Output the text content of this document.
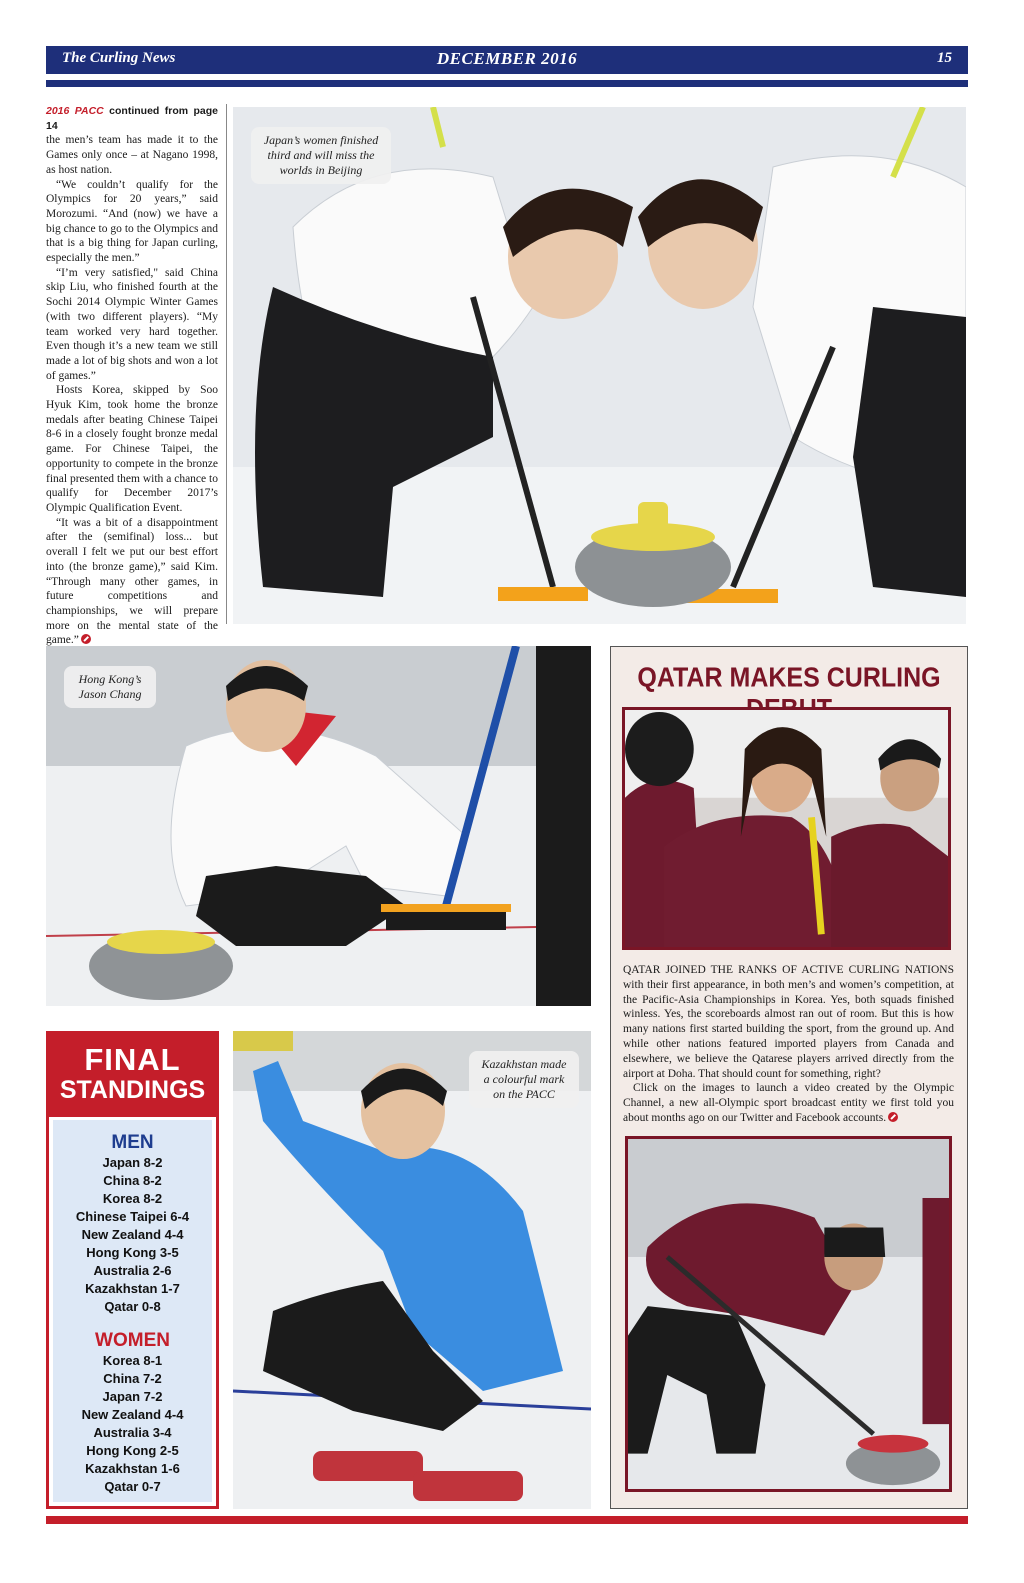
The Curling News	DECEMBER 2016	15
2016 PACC continued from page 14

the men’s team has made it to the Games only once – at Nagano 1998, as host nation.

“We couldn’t qualify for the Olympics for 20 years,” said Morozumi. “And (now) we have a big chance to go to the Olympics and that is a big thing for Japan curling, especially the men.”

“I’m very satisfied," said China skip Liu, who finished fourth at the Sochi 2014 Olympic Winter Games (with two different players). “My team worked very hard together. Even though it’s a new team we still made a lot of big shots and won a lot of games.”

Hosts Korea, skipped by Soo Hyuk Kim, took home the bronze medals after beating Chinese Taipei 8-6 in a closely fought bronze medal game. For Chinese Taipei, the opportunity to compete in the bronze final presented them with a chance to qualify for December 2017’s Olympic Qualification Event.

“It was a bit of a disappointment after the (semifinal) loss... but overall I felt we put our best effort into (the bronze game),” said Kim. “Through many other games, in future competitions and championships, we will prepare more on the mental state of the game.”

Japan’s women finished third and will miss the worlds in Beijing
Hong Kong’s Jason Chang
FINAL
STANDINGS
MEN
Japan 8-2
China 8-2
Korea 8-2
Chinese Taipei 6-4
New Zealand 4-4
Hong Kong 3-5
Australia 2-6
Kazakhstan 1-7
Qatar 0-8
WOMEN
Korea 8-1
China 7-2
Japan 7-2
New Zealand 4-4
Australia 3-4
Hong Kong 2-5
Kazakhstan 1-6
Qatar 0-7
Kazakhstan made a colourful mark on the PACC
QATAR MAKES CURLING

QATAR JOINED THE RANKS OF ACTIVE CURLING NATIONS with their first appearance, in both men’s and women’s competition, at the Pacific-Asia Championships in Korea. Yes, both squads finished winless. Yes, the scoreboards almost ran out of room. But this is how many nations first started building the sport, from the ground up. And while other nations featured imported players from Canada and elsewhere, we believe the Qatarese players arrived directly from the airport at Doha. That should count for something, right?

Click on the images to launch a video created by the Olympic Channel, a new all-Olympic sport broadcast entity we first told you about months ago on our Twitter and Facebook accounts.
